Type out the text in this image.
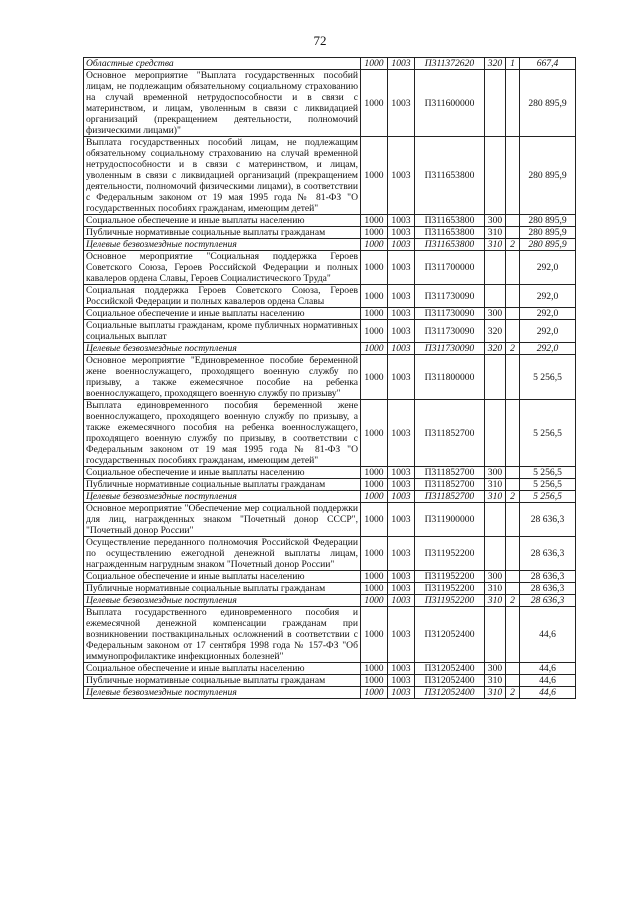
72
Областные средства	1000	1003	П311372620	320	1	667,4
Основное мероприятие "Выплата государственных пособий лицам, не подлежащим обязательному социальному страхованию на случай временной нетрудоспособности и в связи с материнством, и лицам, уволенным в связи с ликвидацией организаций (прекращением деятельности, полномочий физическими лицами)"	1000	1003	П311600000			280 895,9
Выплата государственных пособий лицам, не подлежащим обязательному социальному страхованию на случай временной нетрудоспособности и в связи с материнством, и лицам, уволенным в связи с ликвидацией организаций (прекращением деятельности, полномочий физическими лицами), в соответствии с Федеральным законом от 19 мая 1995 года № 81-ФЗ "О государственных пособиях гражданам, имеющим детей"	1000	1003	П311653800			280 895,9
Социальное обеспечение и иные выплаты населению	1000	1003	П311653800	300		280 895,9
Публичные нормативные социальные выплаты гражданам	1000	1003	П311653800	310		280 895,9
Целевые безвозмездные поступления	1000	1003	П311653800	310	2	280 895,9
Основное мероприятие "Социальная поддержка Героев Советского Союза, Героев Российской Федерации и полных кавалеров ордена Славы, Героев Социалистического Труда"	1000	1003	П311700000			292,0
Социальная поддержка Героев Советского Союза, Героев Российской Федерации и полных кавалеров ордена Славы	1000	1003	П311730090			292,0
Социальное обеспечение и иные выплаты населению	1000	1003	П311730090	300		292,0
Социальные выплаты гражданам, кроме публичных нормативных социальных выплат	1000	1003	П311730090	320		292,0
Целевые безвозмездные поступления	1000	1003	П311730090	320	2	292,0
Основное мероприятие "Единовременное пособие беременной жене военнослужащего, проходящего военную службу по призыву, а также ежемесячное пособие на ребенка военнослужащего, проходящего военную службу по призыву"	1000	1003	П311800000			5 256,5
Выплата единовременного пособия беременной жене военнослужащего, проходящего военную службу по призыву, а также ежемесячного пособия на ребенка военнослужащего, проходящего военную службу по призыву, в соответствии с Федеральным законом от 19 мая 1995 года № 81-ФЗ "О государственных пособиях гражданам, имеющим детей"	1000	1003	П311852700			5 256,5
Социальное обеспечение и иные выплаты населению	1000	1003	П311852700	300		5 256,5
Публичные нормативные социальные выплаты гражданам	1000	1003	П311852700	310		5 256,5
Целевые безвозмездные поступления	1000	1003	П311852700	310	2	5 256,5
Основное мероприятие "Обеспечение мер социальной поддержки для лиц, награжденных знаком "Почетный донор СССР", "Почетный донор России"	1000	1003	П311900000			28 636,3
Осуществление переданного полномочия Российской Федерации по осуществлению ежегодной денежной выплаты лицам, награжденным нагрудным знаком "Почетный донор России"	1000	1003	П311952200			28 636,3
Социальное обеспечение и иные выплаты населению	1000	1003	П311952200	300		28 636,3
Публичные нормативные социальные выплаты гражданам	1000	1003	П311952200	310		28 636,3
Целевые безвозмездные поступления	1000	1003	П311952200	310	2	28 636,3
Выплата государственного единовременного пособия и ежемесячной денежной компенсации гражданам при возникновении поствакцинальных осложнений в соответствии с Федеральным законом от 17 сентября 1998 года № 157-ФЗ "Об иммунопрофилактике инфекционных болезней"	1000	1003	П312052400			44,6
Социальное обеспечение и иные выплаты населению	1000	1003	П312052400	300		44,6
Публичные нормативные социальные выплаты гражданам	1000	1003	П312052400	310		44,6
Целевые безвозмездные поступления	1000	1003	П312052400	310	2	44,6
